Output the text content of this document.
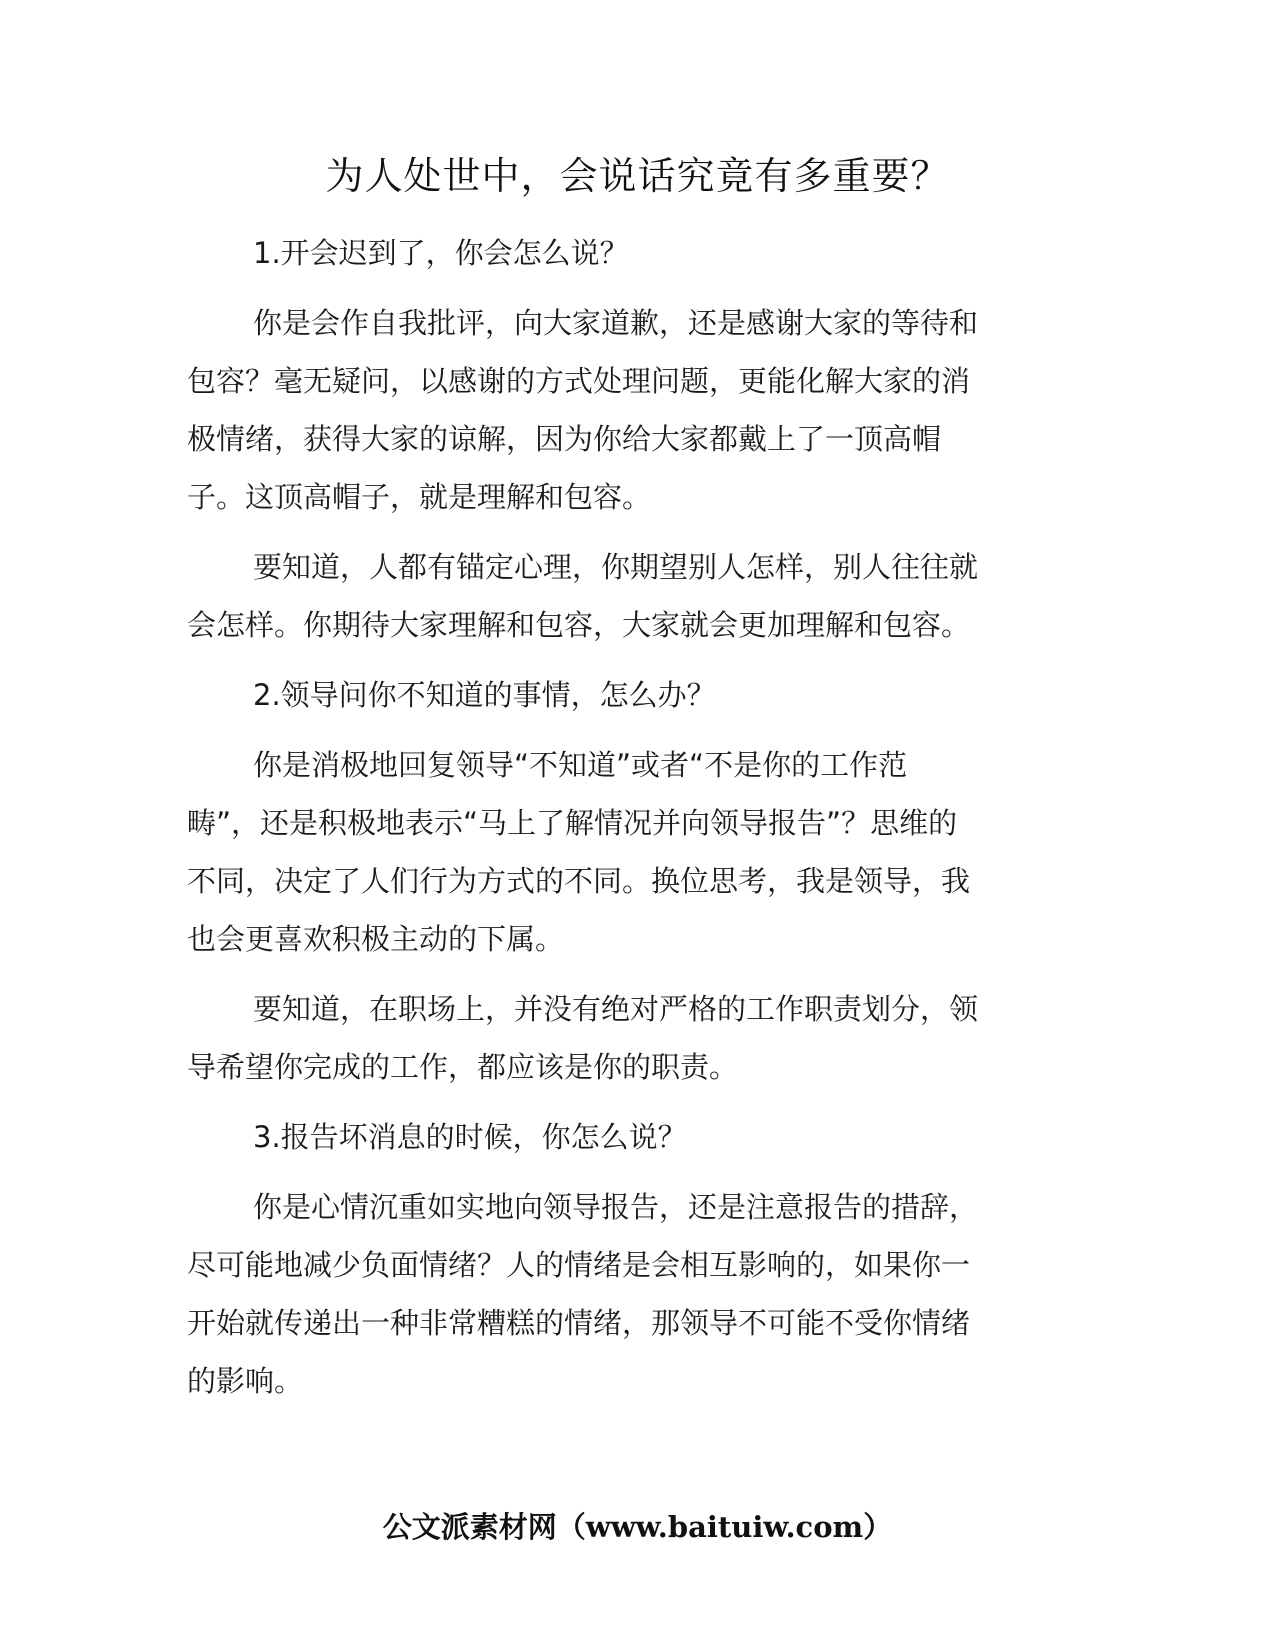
为人处世中，会说话究竟有多重要？

1.开会迟到了，你会怎么说？

你是会作自我批评，向大家道歉，还是感谢大家的等待和
包容？毫无疑问，以感谢的方式处理问题，更能化解大家的消
极情绪，获得大家的谅解，因为你给大家都戴上了一顶高帽
子。这顶高帽子，就是理解和包容。

要知道，人都有锚定心理，你期望别人怎样，别人往往就
会怎样。你期待大家理解和包容，大家就会更加理解和包容。

2.领导问你不知道的事情，怎么办？

你是消极地回复领导“不知道”或者“不是你的工作范
畴”，还是积极地表示“马上了解情况并向领导报告”？思维的
不同，决定了人们行为方式的不同。换位思考，我是领导，我
也会更喜欢积极主动的下属。

要知道，在职场上，并没有绝对严格的工作职责划分，领
导希望你完成的工作，都应该是你的职责。

3.报告坏消息的时候，你怎么说？

你是心情沉重如实地向领导报告，还是注意报告的措辞，
尽可能地减少负面情绪？人的情绪是会相互影响的，如果你一
开始就传递出一种非常糟糕的情绪，那领导不可能不受你情绪
的影响。

公文派素材网（www.baituiw.com）
